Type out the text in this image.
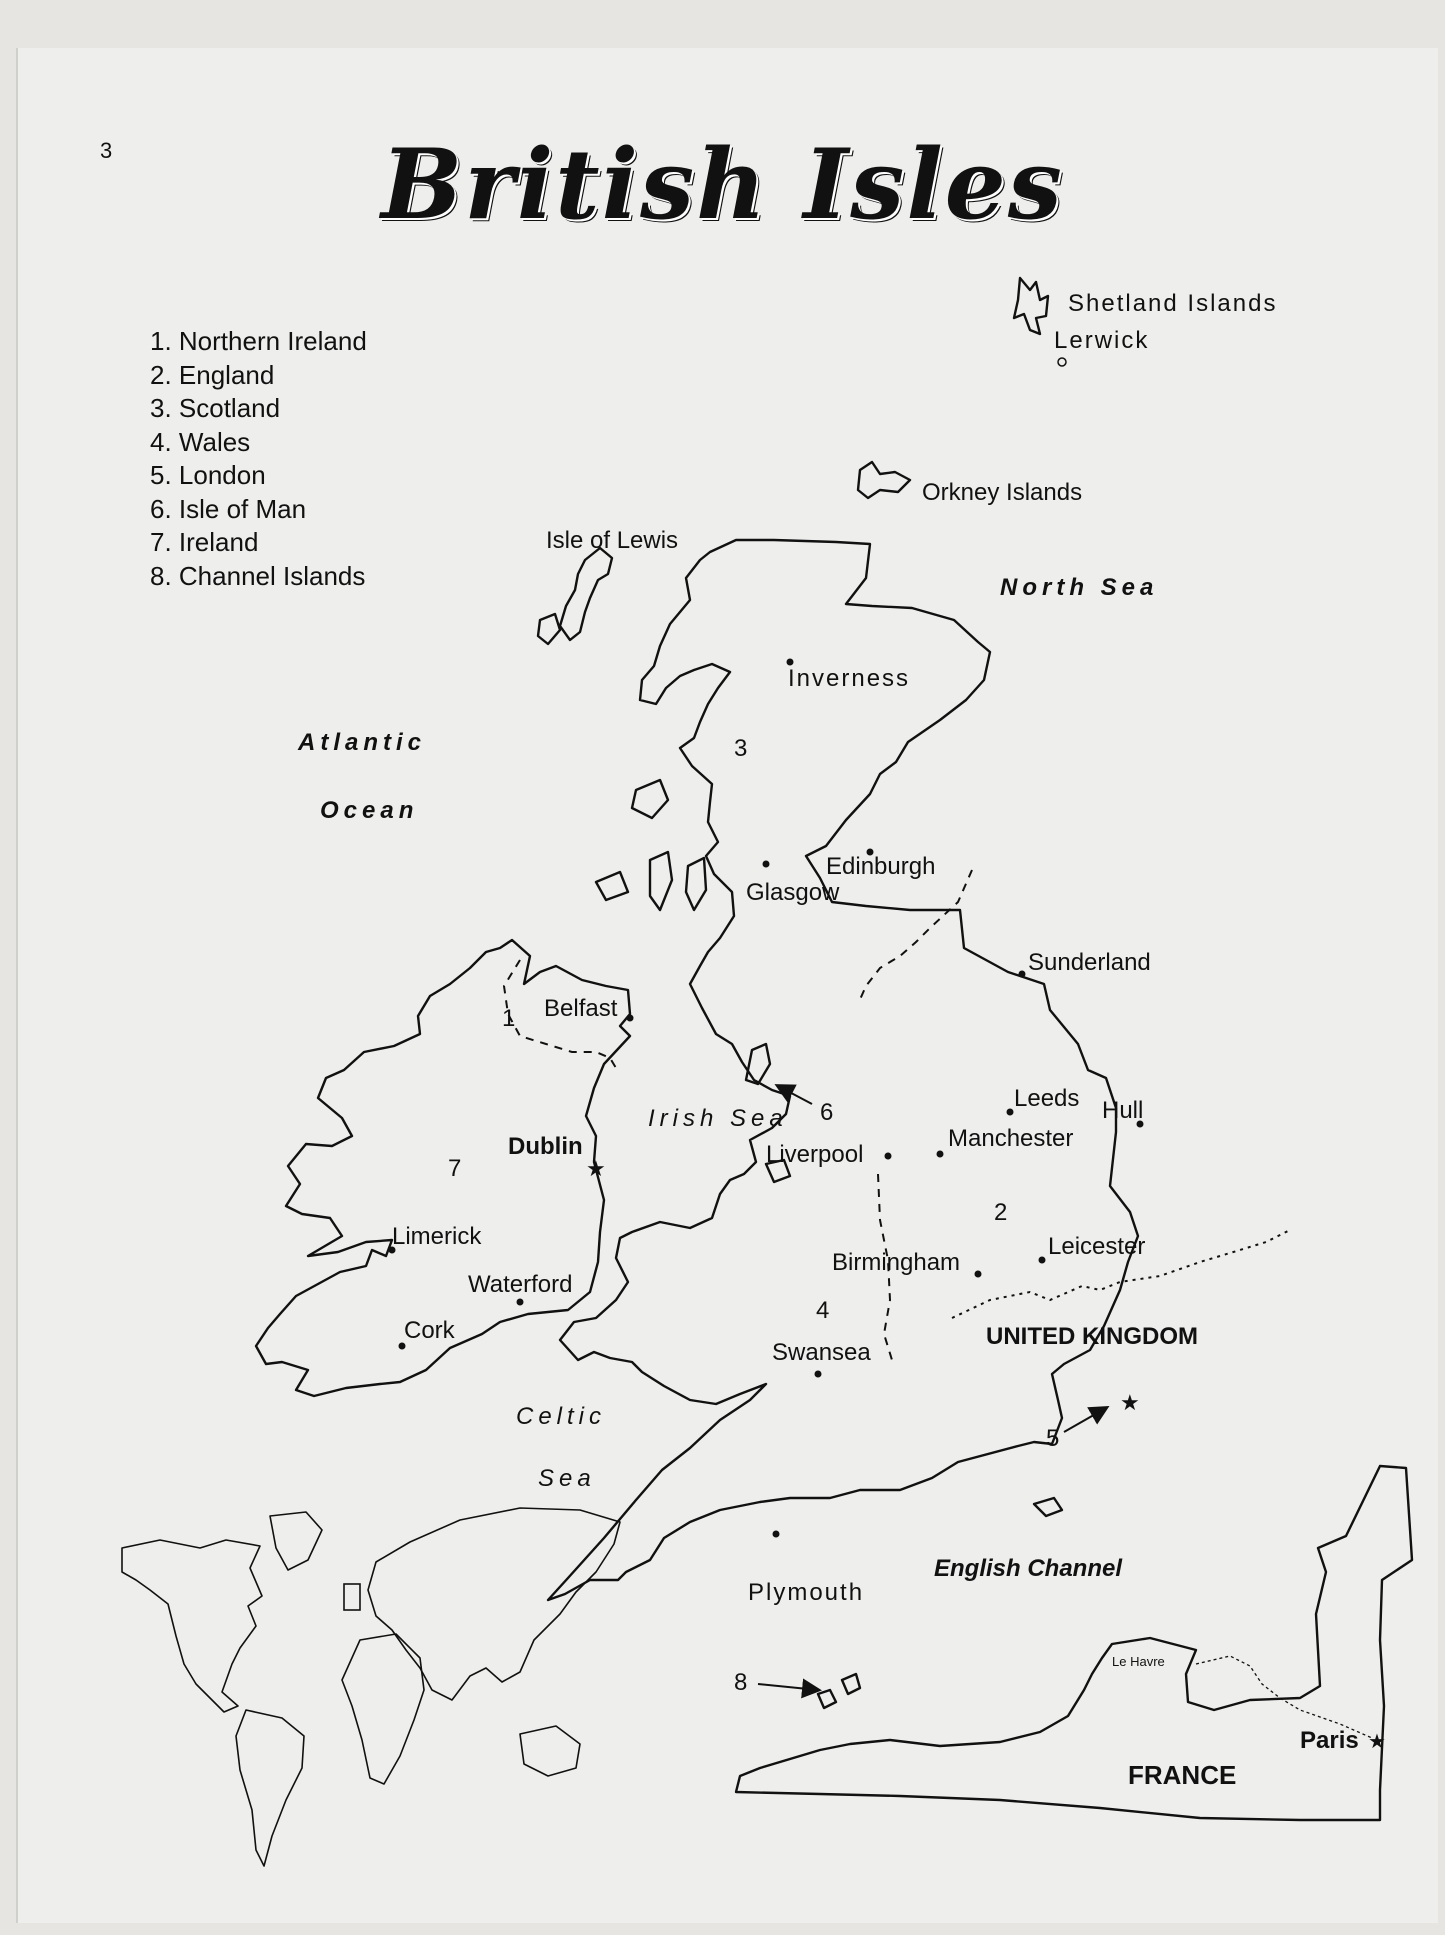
3	British Isles
1. Northern Ireland
2. England
3. Scotland
4. Wales
5. London
6. Isle of Man
7. Ireland
8. Channel Islands
★
★
★
1
2
3
4
5
6
7
8
Shetland Islands
Orkney Islands
Isle of Lewis
North Sea
Atlantic
Ocean
Irish Sea
Celtic
Sea
English Channel
Lerwick
Inverness
Edinburgh
Glasgow
Sunderland
Belfast
Leeds Hull
Manchester
Liverpool
Dublin
Limerick
Waterford
Cork
Birmingham
Leicester
Swansea
Plymouth
Le Havre
Paris
UNITED KINGDOM
FRANCE
